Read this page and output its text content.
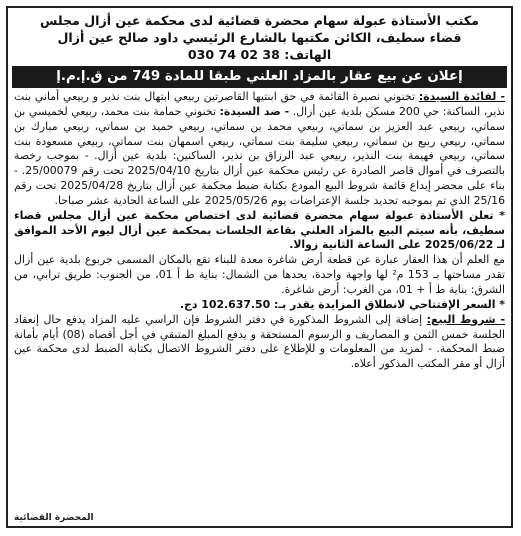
مكتب الأستاذة عبولة سهام محضرة قضائية لدى محكمة عين أزال مجلس
قضاء سطيف، الكائن مكتبها بالشارع الرئيسي داود صالح عين أزال
الهاتف: 030 74 02 38
إعلان عن بيع عقار بالمزاد العلني طبقا للمادة 749 من ق.إ.م.إ

- لفائدة السيدة: تخنوني نصيرة القائمة في حق ابنتيها القاصرتين ربيعي ابتهال بنت نذير و ربيعي أماني بنت نذير، الساكنة: حي 200 مسكن بلدية عين أزال. - ضد السيدة: تخنوني حمامة بنت محمد، ربيعي لخميسي بن سماتي، ربيعي عبد العزيز بن سماتي، ربيعي محمد بن سماتي، ربيعي حميد بن سماتي، ربيعي مبارك بن سماتي، ربيعي ربيع بن سماتي، ربيعي سليمة بنت سماتي، ربيعي اسمهان بنت سماتي، ربيعي مسعودة بنت سماتي، ربيعي فهيمة بنت النذير، ربيعي عبد الرزاق بن نذير، الساكنين: بلدية عين أزال. - بموجب رخصة بالتصرف في أموال قاصر الصادرة عن رئيس محكمة عين أزال بتاريخ 2025/04/10 تحت رقم 25/00079. - بناء على محضر إيداع قائمة شروط البيع المودع بكتابة ضبط محكمة عين أزال بتاريخ 2025/04/28 تحت رقم 25/16 الذي تم بموجبه تحديد جلسة الإعتراضات يوم 2025/05/26 على الساعة الحادية عشر صباحا.

* تعلن الأستاذة عبولة سهام محضرة قضائية لدى اختصاص محكمة عين أزال مجلس قضاء سطيف، بأنه سيتم البيع بالمزاد العلني بقاعة الجلسات بمحكمة عين أزال ليوم الأحد الموافق لـ 2025/06/22 على الساعة الثانية زوالا.

مع العلم أن هذا العقار عبارة عن قطعة أرض شاغرة معدة للبناء تقع بالمكان المسمى جربوع بلدية عين أزال تقدر مساحتها بـ 153 م² لها واجهة واحدة، يحدها من الشمال: بناية ط أ 01، من الجنوب: طريق ترابي، من الشرق: بناية ط أ + 01، من الغرب: أرض شاغرة.

* السعر الإفتتاحي لانطلاق المزايدة يقدر بـ: 102.637.50 دج.

- شروط البيع: إضافة إلى الشروط المذكورة في دفتر الشروط فإن الراسي عليه المزاد يدفع حال إنعقاد الجلسة خمس الثمن و المصاريف و الرسوم المستحقة و يدفع المبلغ المتبقي في أجل أقصاه (08) أيام بأمانة ضبط المحكمة. - لمزيد من المعلومات و للإطلاع على دفتر الشروط الاتصال بكتابة الضبط لدى محكمة عين أزال أو مقر المكتب المذكور أعلاه.

المحضرة القضائية
